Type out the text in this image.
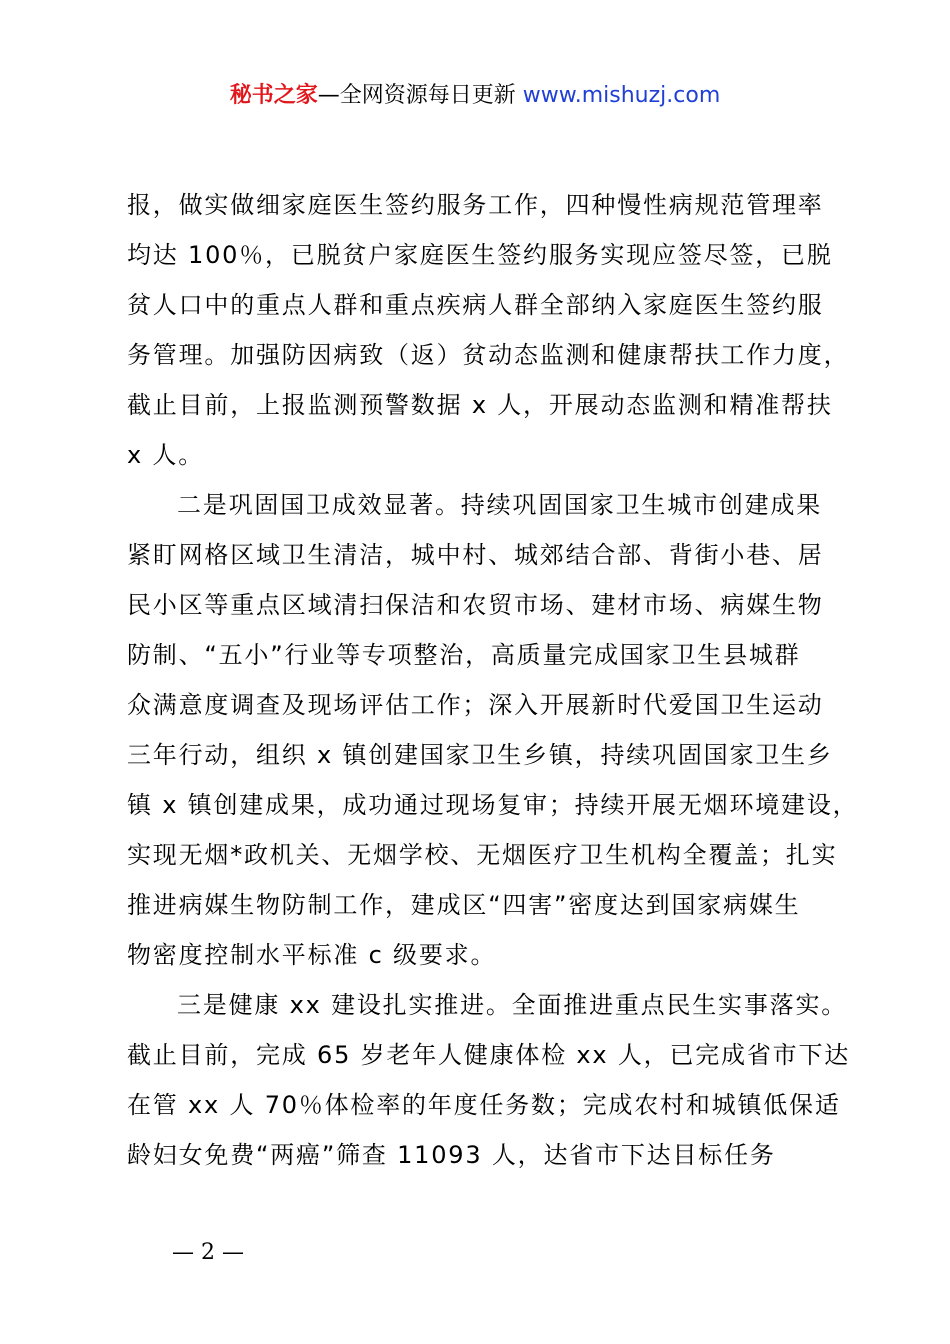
秘书之家—全网资源每日更新 www.mishuzj.com
报，做实做细家庭医生签约服务工作，四种慢性病规范管理率
均达 100％，已脱贫户家庭医生签约服务实现应签尽签，已脱
贫人口中的重点人群和重点疾病人群全部纳入家庭医生签约服
务管理。加强防因病致（返）贫动态监测和健康帮扶工作力度，
截止目前，上报监测预警数据 x 人，开展动态监测和精准帮扶
x 人。
二是巩固国卫成效显著。持续巩固国家卫生城市创建成果
紧盯网格区域卫生清洁，城中村、城郊结合部、背街小巷、居
民小区等重点区域清扫保洁和农贸市场、建材市场、病媒生物
防制、“五小”行业等专项整治，高质量完成国家卫生县城群
众满意度调查及现场评估工作；深入开展新时代爱国卫生运动
三年行动，组织 x 镇创建国家卫生乡镇，持续巩固国家卫生乡
镇 x 镇创建成果，成功通过现场复审；持续开展无烟环境建设，
实现无烟*政机关、无烟学校、无烟医疗卫生机构全覆盖；扎实
推进病媒生物防制工作，建成区“四害”密度达到国家病媒生
物密度控制水平标准 c 级要求。
三是健康 xx 建设扎实推进。全面推进重点民生实事落实。
截止目前，完成 65 岁老年人健康体检 xx 人，已完成省市下达
在管 xx 人 70％体检率的年度任务数；完成农村和城镇低保适
龄妇女免费“两癌”筛查 11093 人，达省市下达目标任务
— 2 —
